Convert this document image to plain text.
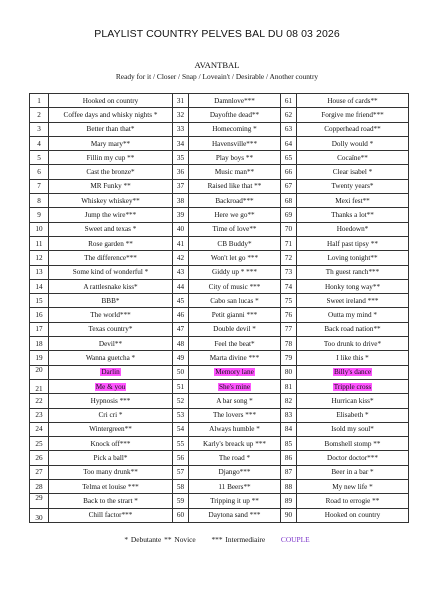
PLAYLIST COUNTRY PELVES BAL DU 08 03 2026
AVANTBAL
Ready for it / Closer / Snap / Loveain't / Desirable / Another country
1	Hooked on country	31	Damnlove***	61	House of cards**
2	Coffee days and whisky nights *	32	Dayofthe dead**	62	Forgive me friend***
3	Better than that*	33	Homecoming *	63	Copperhead road**
4	Mary mary**	34	Havensville***	64	Dolly would *
5	Fillin my cup **	35	Play boys **	65	Cocaïne**
6	Cast the bronze*	36	Music man**	66	Clear isabel *
7	MR Funky **	37	Raised like that **	67	Twenty years*
8	Whiskey whiskey**	38	Backroad***	68	Mexi fest**
9	Jump the wire***	39	Here we go**	69	Thanks a lot**
10	Sweet and texas *	40	Time of love**	70	Hoedown*
11	Rose garden **	41	CB Buddy*	71	Half past tipsy **
12	The difference***	42	Won't let go ***	72	Loving tonight**
13	Some kind of wonderful *	43	Giddy up * ***	73	Th guest ranch***
14	A rattlesnake kiss*	44	City of music ***	74	Honky tong way**
15	BBB*	45	Cabo san lucas *	75	Sweet ireland ***
16	The world***	46	Petit gianni ***	76	Outta my mind *
17	Texas country*	47	Double devil *	77	Back road nation**
18	Devil**	48	Feel the beat*	78	Too drunk to drive*
19	Wanna guetcha *	49	Marta divine ***	79	I like this *
20	Darlin	50	Memory lane	80	Billy's dance
21	Me & you	51	She's mine	81	Tripple cross
22	Hypnosis ***	52	A bar song *	82	Hurrican kiss*
23	Cri cri *	53	The lovers ***	83	Elisabeth *
24	Wintergreen**	54	Always humble *	84	Isold my soul*
25	Knock off***	55	Karly's breack up ***	85	Bomshell stomp **
26	Pick a ball*	56	The road *	86	Doctor doctor***
27	Too many drunk**	57	Django***	87	Beer in a bar *
28	Telma et louise ***	58	11 Beers**	88	My new life *
29	Back to the strart *	59	Tripping it up **	89	Road to errogie **
30	Chill factor***	60	Daytona sand ***	90	Hooked on country
* Debutante ** Novice *** Intermediaire COUPLE
